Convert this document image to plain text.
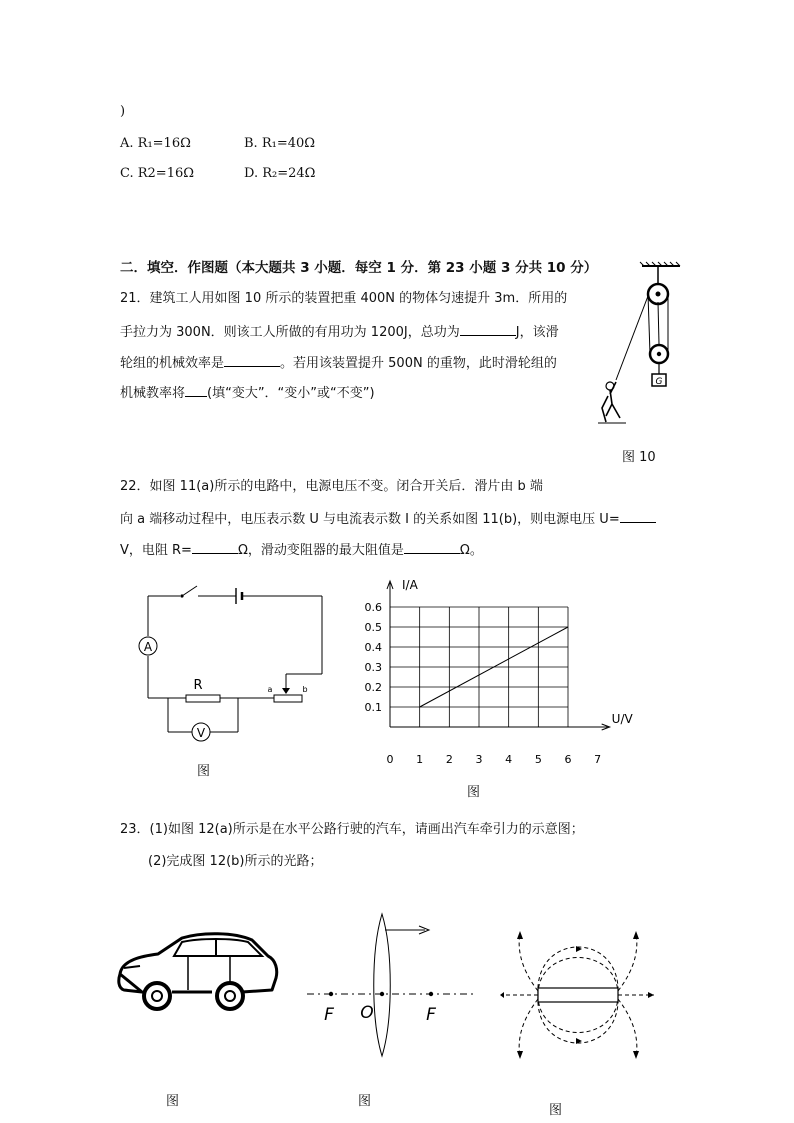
)
A. R₁=16Ω	B. R₁=40Ω
C. R2=16Ω	D. R₂=24Ω
二．填空．作图题（本大题共 3 小题．每空 1 分．第 23 小题 3 分共 10 分）
21．建筑工人用如图 10 所示的装置把重 400N 的物体匀速提升 3m．所用的
手拉力为 300N．则该工人所做的有用功为 1200J，总功为	J，该滑
轮组的机械效率是	。若用该装置提升 500N 的重物，此时滑轮组的
机械教率将 (填“变大”．“变小”或“不变”)
G
图 10
22．如图 11(a)所示的电路中，电源电压不变。闭合开关后．滑片由 b 端
向 a 端移动过程中，电压表示数 U 与电流表示数 I 的关系如图 11(b)，则电源电压 U=
V，电阻 R=	Ω，滑动变阻器的最大阻值是	Ω。
A
R	a	b
V
图
I/A
U/V
0.1
0.2
0.3
0.4
0.5
0.6
0 1 2 3 4 5 6 7
图
23．(1)如图 12(a)所示是在水平公路行驶的汽车，请画出汽车牵引力的示意图；
(2)完成图 12(b)所示的光路；
图
F O	F
图
图
